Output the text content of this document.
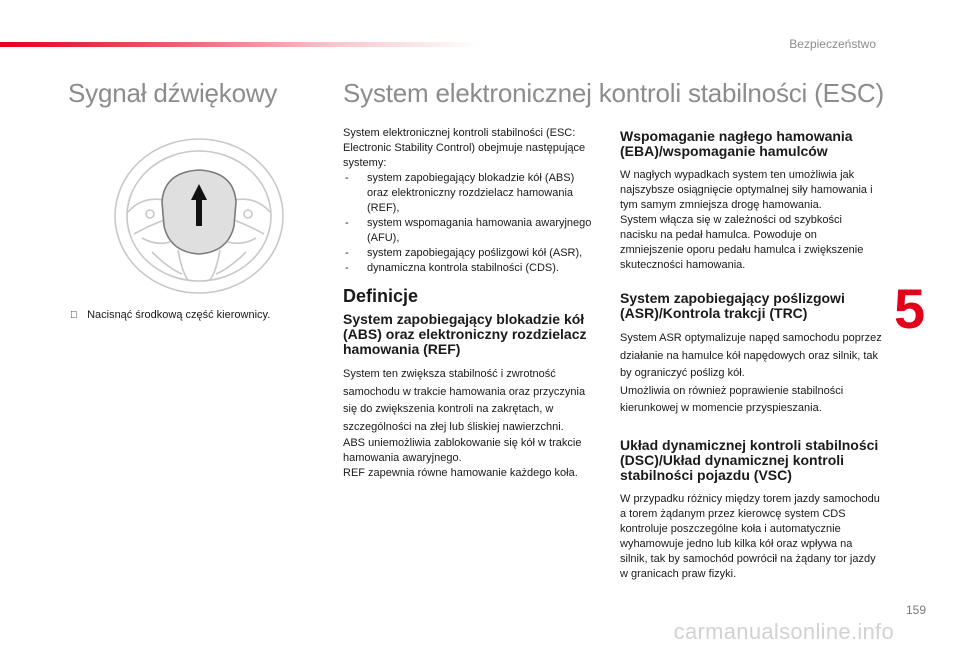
Bezpieczeństwo
5
Sygnał dźwiękowy	System elektronicznej kontroli stabilności (ESC)
Nacisnąć środkową część kierownicy.

System elektronicznej kontroli stabilności (ESC: Electronic Stability Control) obejmuje następujące systemy:

- system zapobiegający blokadzie kół (ABS) oraz elektroniczny rozdzielacz hamowania (REF),
- system wspomagania hamowania awaryjnego (AFU),
- system zapobiegający poślizgowi kół (ASR),
- dynamiczna kontrola stabilności (CDS).
Definicje
System zapobiegający blokadzie kół (ABS) oraz elektroniczny rozdzielacz hamowania (REF)

System ten zwiększa stabilność i zwrotność samochodu w trakcie hamowania oraz przyczynia się do zwiększenia kontroli na zakrętach, w szczególności na złej lub śliskiej nawierzchni.

ABS uniemożliwia zablokowanie się kół w trakcie hamowania awaryjnego.

REF zapewnia równe hamowanie każdego koła.

Wspomaganie nagłego hamowania (EBA)/wspomaganie hamulców

W nagłych wypadkach system ten umożliwia jak najszybsze osiągnięcie optymalnej siły hamowania i tym samym zmniejsza drogę hamowania.

System włącza się w zależności od szybkości nacisku na pedał hamulca. Powoduje on zmniejszenie oporu pedału hamulca i zwiększenie skuteczności hamowania.

System zapobiegający poślizgowi (ASR)/Kontrola trakcji (TRC)

System ASR optymalizuje napęd samochodu poprzez działanie na hamulce kół napędowych oraz silnik, tak by ograniczyć poślizg kół.

Umożliwia on również poprawienie stabilności kierunkowej w momencie przyspieszania.

Układ dynamicznej kontroli stabilności (DSC)/Układ dynamicznej kontroli stabilności pojazdu (VSC)

W przypadku różnicy między torem jazdy samochodu a torem żądanym przez kierowcę system CDS kontroluje poszczególne koła i automatycznie wyhamowuje jedno lub kilka kół oraz wpływa na silnik, tak by samochód powrócił na żądany tor jazdy w granicach praw fizyki.

159
carmanualsonline.info
